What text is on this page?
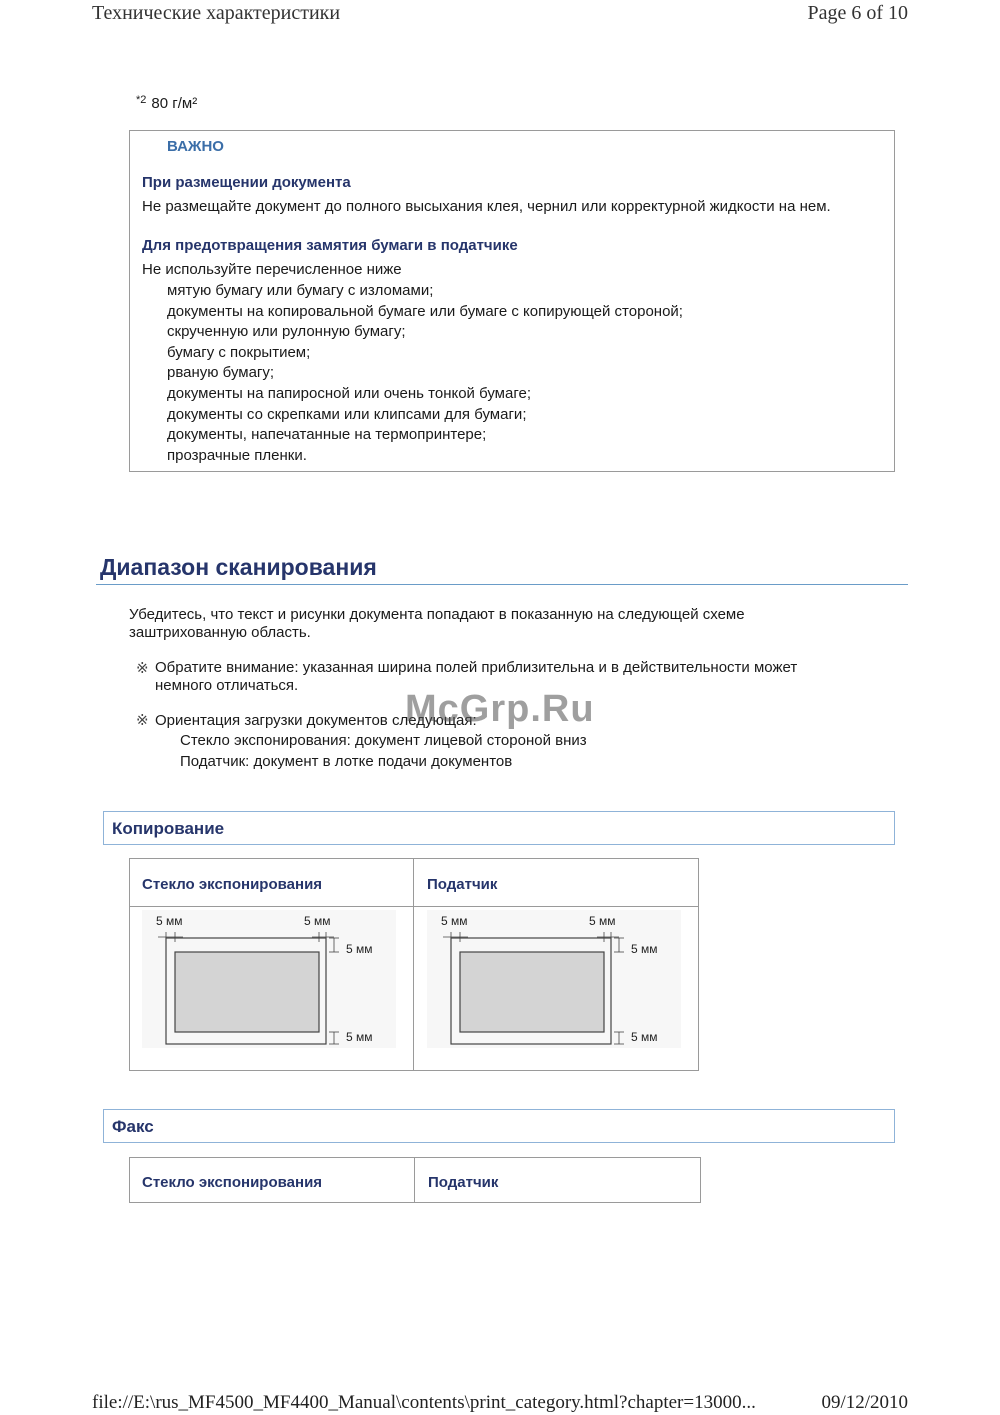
Технические характеристики	Page 6 of 10
$^{*2}$ 80 г/м²
ВАЖНО
При размещении документа
Не размещайте документ до полного высыхания клея, чернил или корректурной жидкости на нем.
Для предотвращения замятия бумаги в податчике
Не используйте перечисленное ниже
мятую бумагу или бумагу с изломами;
документы на копировальной бумаге или бумаге с копирующей стороной;
скрученную или рулонную бумагу;
бумагу с покрытием;
рваную бумагу;
документы на папиросной или очень тонкой бумаге;
документы со скрепками или клипсами для бумаги;
документы, напечатанные на термопринтере;
прозрачные пленки.
Диапазон сканирования
Убедитесь, что текст и рисунки документа попадают в показанную на следующей схеме
заштрихованную область.
※ Обратите внимание: указанная ширина полей приблизительна и в действительности может
немного отличаться.
※ Ориентация загрузки документов следующая:
Стекло экспонирования: документ лицевой стороной вниз
Податчик: документ в лотке подачи документов
McGrp.Ru
Копирование
Стекло экспонирования	Податчик
5 мм	5 мм
5 мм
5 мм
5 мм	5 мм
5 мм
5 мм
Факс
Стекло экспонирования	Податчик
file://E:\rus_MF4500_MF4400_Manual\contents\print_category.html?chapter=13000...	09/12/2010
